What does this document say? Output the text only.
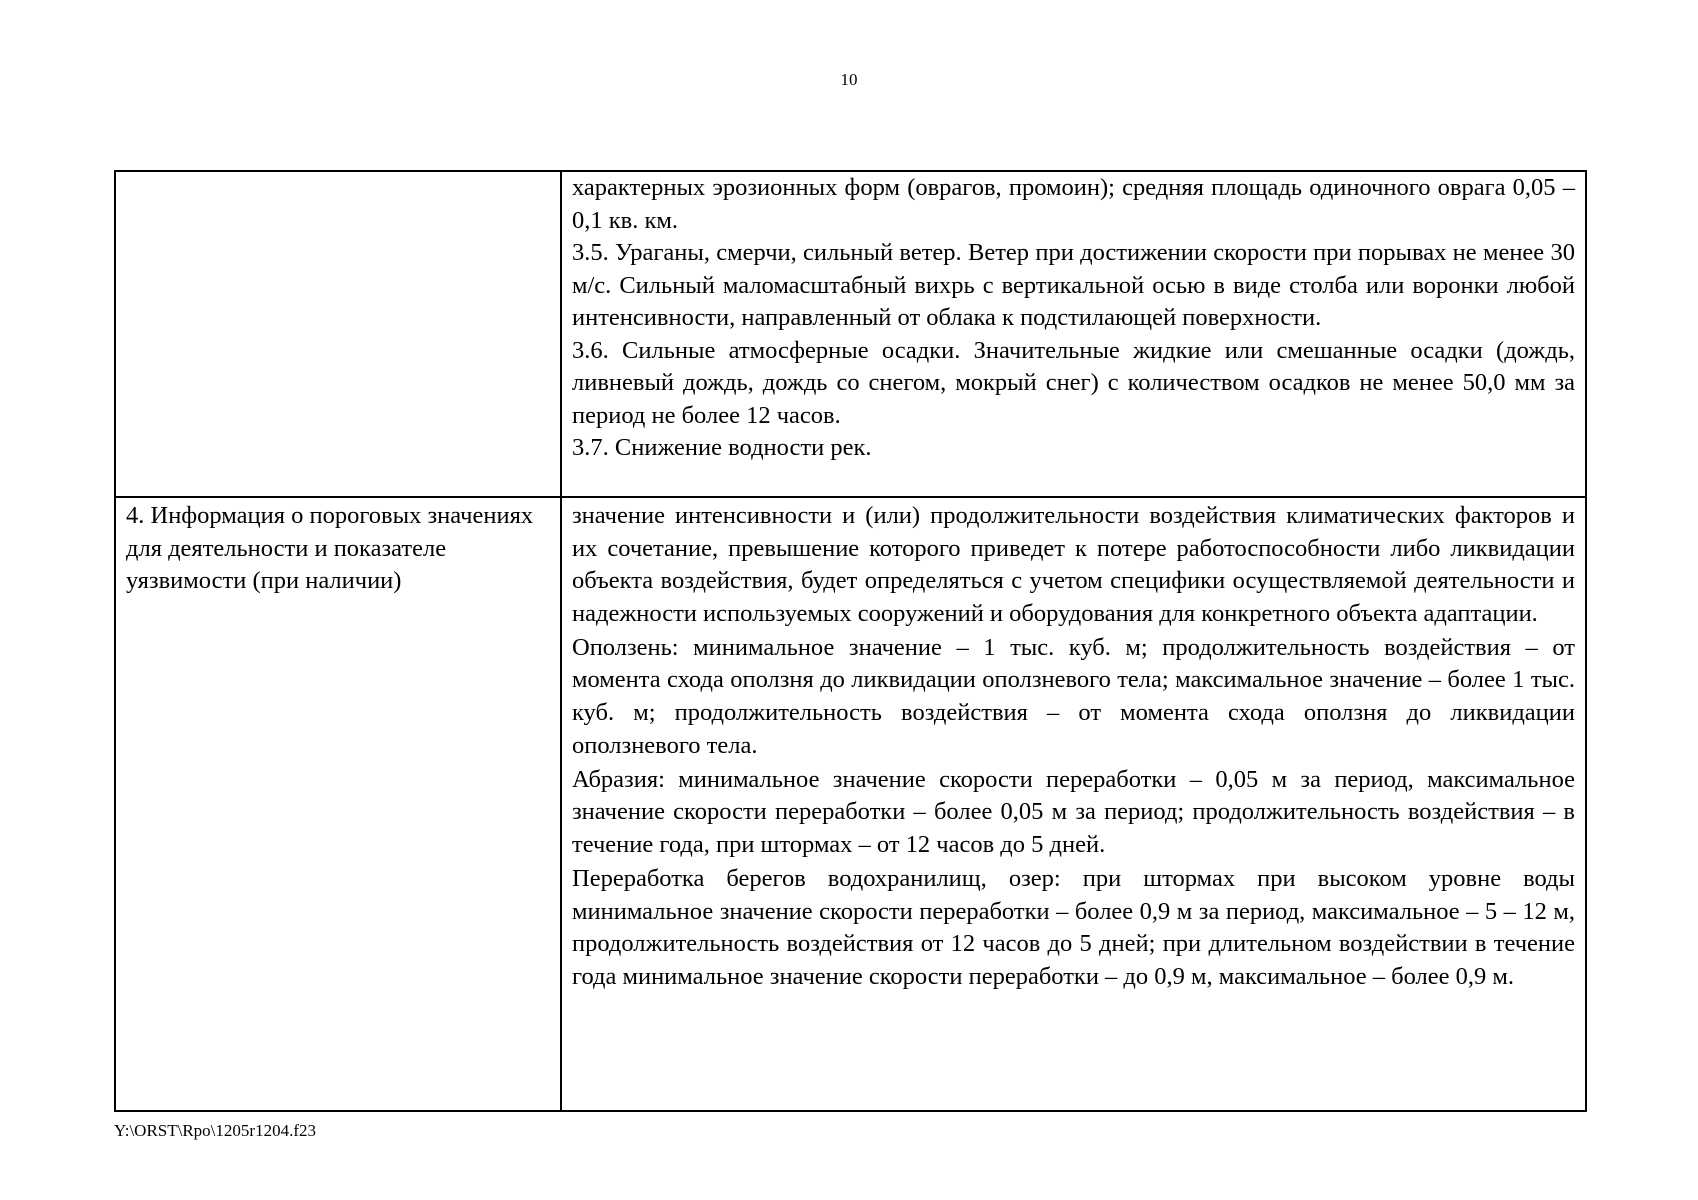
10

	характерных эрозионных форм (оврагов, промоин); средняя площадь одиночного оврага 0,05 – 0,1 кв. км.

3.5. Ураганы, смерчи, сильный ветер. Ветер при достижении скорости при порывах не менее 30 м/с. Сильный маломасштабный вихрь с вертикальной осью в виде столба или воронки любой интенсивности, направленный от облака к подстилающей поверхности.

3.6. Сильные атмосферные осадки. Значительные жидкие или смешанные осадки (дождь, ливневый дождь, дождь со снегом, мокрый снег) с количеством осадков не менее 50,0 мм за период не более 12 часов.

3.7. Снижение водности рек.

4. Информация о пороговых значениях для деятельности и показателе уязвимости (при наличии)	значение интенсивности и (или) продолжительности воздействия климатических факторов и их сочетание, превышение которого приведет к потере работоспособности либо ликвидации объекта воздействия, будет определяться с учетом специфики осуществляемой деятельности и надежности используемых сооружений и оборудования для конкретного объекта адаптации.

Оползень: минимальное значение – 1 тыс. куб. м; продолжительность воздействия – от момента схода оползня до ликвидации оползневого тела; максимальное значение – более 1 тыс. куб. м; продолжительность воздействия – от момента схода оползня до ликвидации оползневого тела.

Абразия: минимальное значение скорости переработки – 0,05 м за период, максимальное значение скорости переработки – более 0,05 м за период; продолжительность воздействия – в течение года, при штормах – от 12 часов до 5 дней.

Переработка берегов водохранилищ, озер: при штормах при высоком уровне воды минимальное значение скорости переработки – более 0,9 м за период, максимальное – 5 – 12 м, продолжительность воздействия от 12 часов до 5 дней; при длительном воздействии в течение года минимальное значение скорости переработки – до 0,9 м, максимальное – более 0,9 м.

Y:\ORST\Rpo\1205r1204.f23
